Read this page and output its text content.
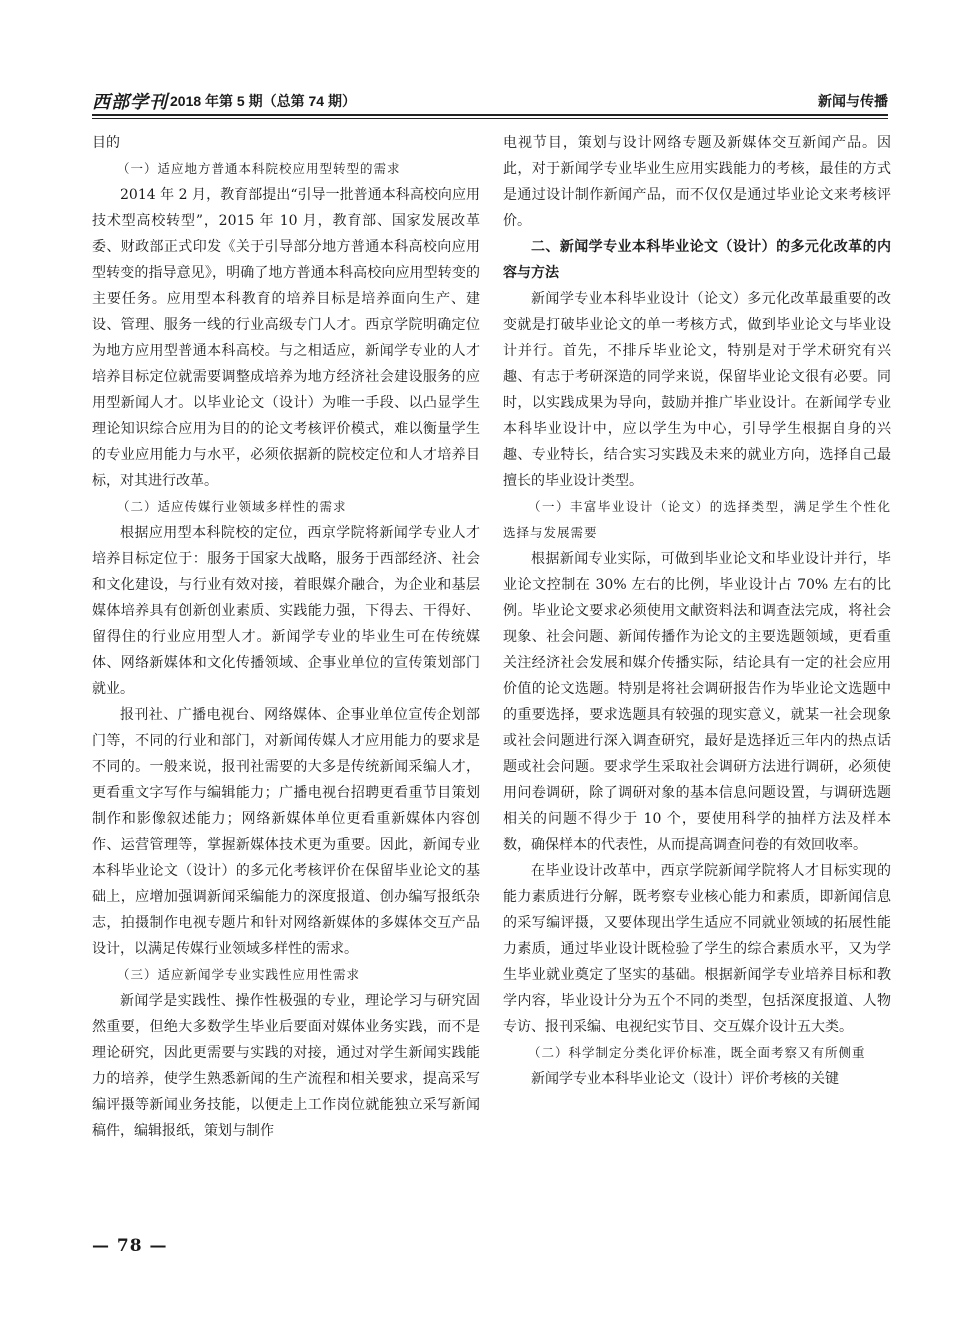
西部学刊 2018 年第 5 期（总第 74 期）	新闻与传播

目的

（一）适应地方普通本科院校应用型转型的需求

2014 年 2 月，教育部提出“引导一批普通本科高校向应用技术型高校转型”，2015 年 10 月，教育部、国家发展改革委、财政部正式印发《关于引导部分地方普通本科高校向应用型转变的指导意见》，明确了地方普通本科高校向应用型转变的主要任务。应用型本科教育的培养目标是培养面向生产、建设、管理、服务一线的行业高级专门人才。西京学院明确定位为地方应用型普通本科高校。与之相适应，新闻学专业的人才培养目标定位就需要调整成培养为地方经济社会建设服务的应用型新闻人才。以毕业论文（设计）为唯一手段、以凸显学生理论知识综合应用为目的的论文考核评价模式，难以衡量学生的专业应用能力与水平，必须依据新的院校定位和人才培养目标，对其进行改革。

（二）适应传媒行业领域多样性的需求

根据应用型本科院校的定位，西京学院将新闻学专业人才培养目标定位于：服务于国家大战略，服务于西部经济、社会和文化建设，与行业有效对接，着眼媒介融合，为企业和基层媒体培养具有创新创业素质、实践能力强，下得去、干得好、留得住的行业应用型人才。新闻学专业的毕业生可在传统媒体、网络新媒体和文化传播领域、企事业单位的宣传策划部门就业。

报刊社、广播电视台、网络媒体、企事业单位宣传企划部门等，不同的行业和部门，对新闻传媒人才应用能力的要求是不同的。一般来说，报刊社需要的大多是传统新闻采编人才，更看重文字写作与编辑能力；广播电视台招聘更看重节目策划制作和影像叙述能力；网络新媒体单位更看重新媒体内容创作、运营管理等，掌握新媒体技术更为重要。因此，新闻专业本科毕业论文（设计）的多元化考核评价在保留毕业论文的基础上，应增加强调新闻采编能力的深度报道、创办编写报纸杂志，拍摄制作电视专题片和针对网络新媒体的多媒体交互产品设计，以满足传媒行业领域多样性的需求。

（三）适应新闻学专业实践性应用性需求

新闻学是实践性、操作性极强的专业，理论学习与研究固然重要，但绝大多数学生毕业后要面对媒体业务实践，而不是理论研究，因此更需要与实践的对接，通过对学生新闻实践能力的培养，使学生熟悉新闻的生产流程和相关要求，提高采写编评摄等新闻业务技能，以便走上工作岗位就能独立采写新闻稿件，编辑报纸，策划与制作

电视节目，策划与设计网络专题及新媒体交互新闻产品。因此，对于新闻学专业毕业生应用实践能力的考核，最佳的方式是通过设计制作新闻产品，而不仅仅是通过毕业论文来考核评价。

二、新闻学专业本科毕业论文（设计）的多元化改革的内容与方法

新闻学专业本科毕业设计（论文）多元化改革最重要的改变就是打破毕业论文的单一考核方式，做到毕业论文与毕业设计并行。首先，不排斥毕业论文，特别是对于学术研究有兴趣、有志于考研深造的同学来说，保留毕业论文很有必要。同时，以实践成果为导向，鼓励并推广毕业设计。在新闻学专业本科毕业设计中，应以学生为中心，引导学生根据自身的兴趣、专业特长，结合实习实践及未来的就业方向，选择自己最擅长的毕业设计类型。

（一）丰富毕业设计（论文）的选择类型，满足学生个性化选择与发展需要

根据新闻专业实际，可做到毕业论文和毕业设计并行，毕业论文控制在 30% 左右的比例，毕业设计占 70% 左右的比例。毕业论文要求必须使用文献资料法和调查法完成，将社会现象、社会问题、新闻传播作为论文的主要选题领域，更看重关注经济社会发展和媒介传播实际，结论具有一定的社会应用价值的论文选题。特别是将社会调研报告作为毕业论文选题中的重要选择，要求选题具有较强的现实意义，就某一社会现象或社会问题进行深入调查研究，最好是选择近三年内的热点话题或社会问题。要求学生采取社会调研方法进行调研，必须使用问卷调研，除了调研对象的基本信息问题设置，与调研选题相关的问题不得少于 10 个，要使用科学的抽样方法及样本数，确保样本的代表性，从而提高调查问卷的有效回收率。

在毕业设计改革中，西京学院新闻学院将人才目标实现的能力素质进行分解，既考察专业核心能力和素质，即新闻信息的采写编评摄，又要体现出学生适应不同就业领域的拓展性能力素质，通过毕业设计既检验了学生的综合素质水平，又为学生毕业就业奠定了坚实的基础。根据新闻学专业培养目标和教学内容，毕业设计分为五个不同的类型，包括深度报道、人物专访、报刊采编、电视纪实节目、交互媒介设计五大类。

（二）科学制定分类化评价标准，既全面考察又有所侧重

新闻学专业本科毕业论文（设计）评价考核的关键

— 78 —
